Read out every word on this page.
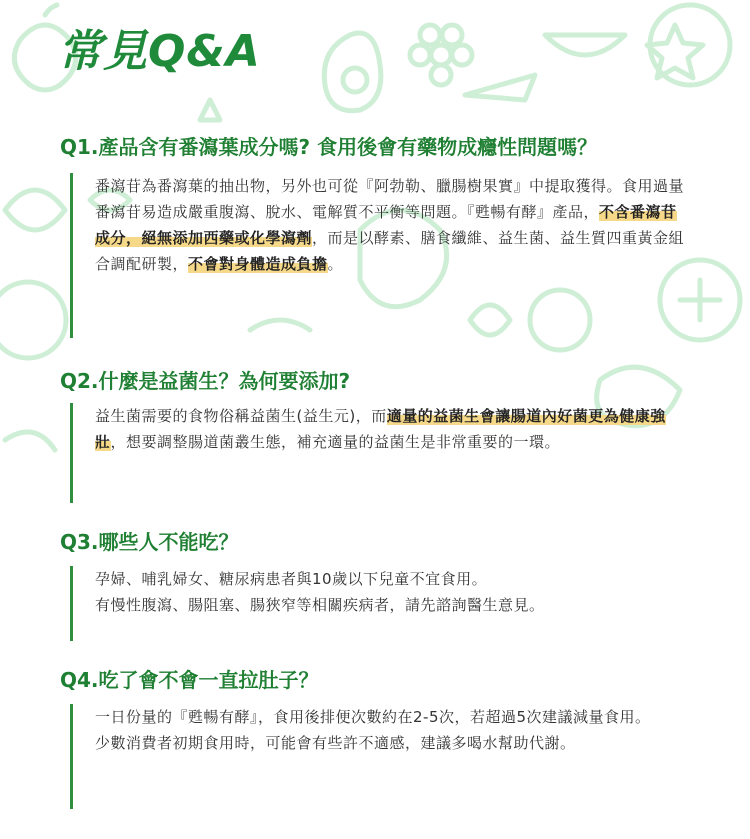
常見Q&A
Q1.產品含有番瀉葉成分嗎? 食用後會有藥物成癮性問題嗎？

番瀉苷為番瀉葉的抽出物，另外也可從『阿勃勒、臘腸樹果實』中提取獲得。食用過量番瀉苷易造成嚴重腹瀉、脫水、電解質不平衡等問題。『甦暢有酵』產品，不含番瀉苷成分，絕無添加西藥或化學瀉劑，而是以酵素、膳食纖維、益生菌、益生質四重黃金組合調配研製，不會對身體造成負擔。

Q2.什麼是益菌生？為何要添加?

益生菌需要的食物俗稱益菌生(益生元)，而適量的益菌生會讓腸道內好菌更為健康強壯，想要調整腸道菌叢生態，補充適量的益菌生是非常重要的一環。

Q3.哪些人不能吃？

孕婦、哺乳婦女、糖尿病患者與10歲以下兒童不宜食用。

有慢性腹瀉、腸阻塞、腸狹窄等相關疾病者，請先諮詢醫生意見。

Q4.吃了會不會一直拉肚子？

一日份量的『甦暢有酵』，食用後排便次數約在2-5次，若超過5次建議減量食用。

少數消費者初期食用時，可能會有些許不適感，建議多喝水幫助代謝。
